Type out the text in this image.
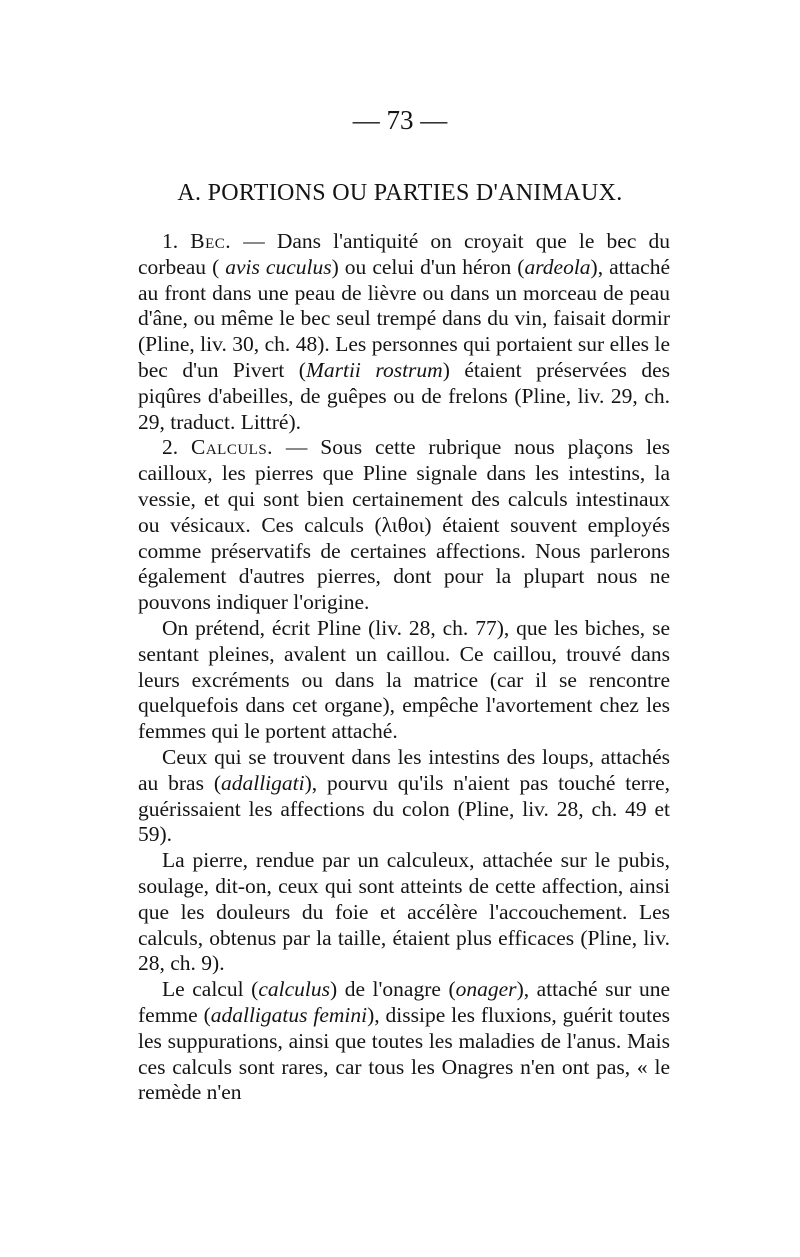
— 73 —
A. PORTIONS OU PARTIES D'ANIMAUX.

1. Bec. — Dans l'antiquité on croyait que le bec du corbeau ( avis cuculus) ou celui d'un héron (ardeola), attaché au front dans une peau de lièvre ou dans un morceau de peau d'âne, ou même le bec seul trempé dans du vin, faisait dormir (Pline, liv. 30, ch. 48). Les personnes qui portaient sur elles le bec d'un Pivert (Martii rostrum) étaient préservées des piqûres d'abeilles, de guêpes ou de frelons (Pline, liv. 29, ch. 29, traduct. Littré).

2. Calculs. — Sous cette rubrique nous plaçons les cailloux, les pierres que Pline signale dans les intestins, la vessie, et qui sont bien certainement des calculs intestinaux ou vésicaux. Ces calculs (λιθοι) étaient souvent employés comme préservatifs de certaines affections. Nous parlerons également d'autres pierres, dont pour la plupart nous ne pouvons indiquer l'origine.

On prétend, écrit Pline (liv. 28, ch. 77), que les biches, se sentant pleines, avalent un caillou. Ce caillou, trouvé dans leurs excréments ou dans la matrice (car il se rencontre quelquefois dans cet organe), empêche l'avortement chez les femmes qui le portent attaché.

Ceux qui se trouvent dans les intestins des loups, attachés au bras (adalligati), pourvu qu'ils n'aient pas touché terre, guérissaient les affections du colon (Pline, liv. 28, ch. 49 et 59).

La pierre, rendue par un calculeux, attachée sur le pubis, soulage, dit-on, ceux qui sont atteints de cette affection, ainsi que les douleurs du foie et accélère l'accouchement. Les calculs, obtenus par la taille, étaient plus efficaces (Pline, liv. 28, ch. 9).

Le calcul (calculus) de l'onagre (onager), attaché sur une femme (adalligatus femini), dissipe les fluxions, guérit toutes les suppurations, ainsi que toutes les maladies de l'anus. Mais ces calculs sont rares, car tous les Onagres n'en ont pas, « le remède n'en
